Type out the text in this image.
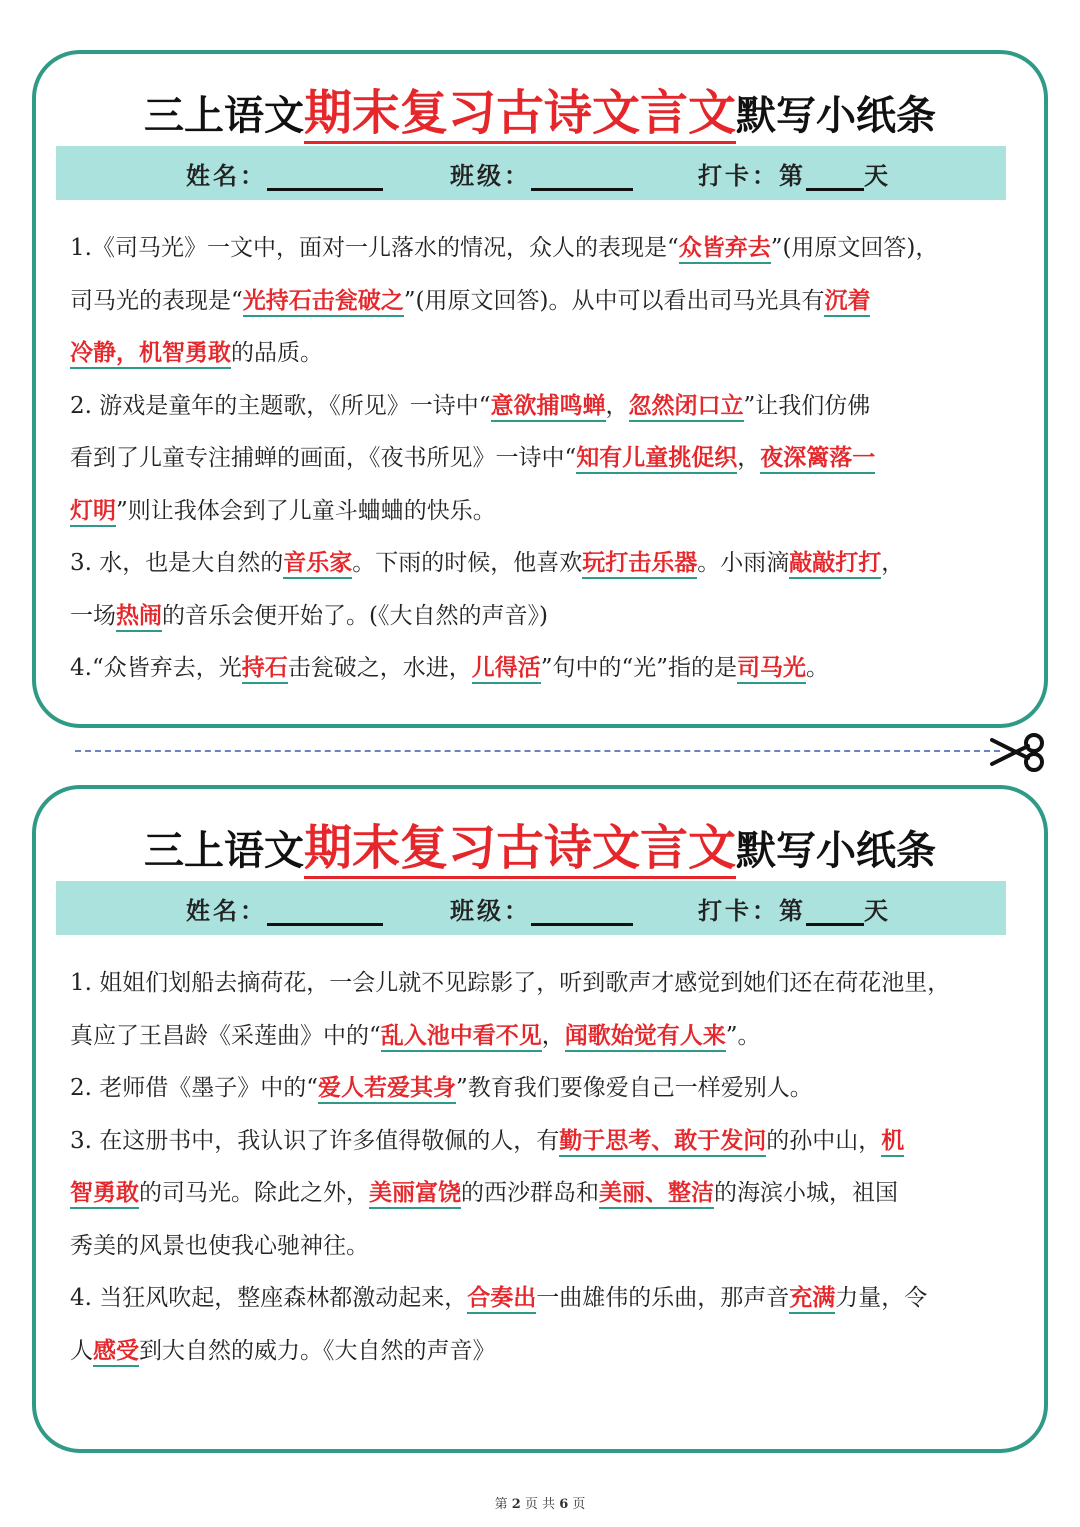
三上语文期末复习古诗文言文默写小纸条
姓名：	班级：	打卡：第 天

1.《司马光》一文中，面对一儿落水的情况，众人的表现是“众皆弃去”(用原文回答)，

司马光的表现是“光持石击瓮破之”(用原文回答)。从中可以看出司马光具有沉着

冷静，机智勇敢的品质。

2. 游戏是童年的主题歌，《所见》一诗中“意欲捕鸣蝉，忽然闭口立”让我们仿佛

看到了儿童专注捕蝉的画面，《夜书所见》一诗中“知有儿童挑促织，夜深篱落一

灯明”则让我体会到了儿童斗蛐蛐的快乐。

3. 水，也是大自然的音乐家。下雨的时候，他喜欢玩打击乐器。小雨滴敲敲打打，

一场热闹的音乐会便开始了。(《大自然的声音》)

4.“众皆弃去，光持石击瓮破之，水进，儿得活”句中的“光”指的是司马光。

三上语文期末复习古诗文言文默写小纸条
姓名：	班级：	打卡：第 天

1. 姐姐们划船去摘荷花，一会儿就不见踪影了，听到歌声才感觉到她们还在荷花池里，

真应了王昌龄《采莲曲》中的“乱入池中看不见，闻歌始觉有人来”。

2. 老师借《墨子》中的“爱人若爱其身”教育我们要像爱自己一样爱别人。

3. 在这册书中，我认识了许多值得敬佩的人，有勤于思考、敢于发问的孙中山，机

智勇敢的司马光。除此之外，美丽富饶的西沙群岛和美丽、整洁的海滨小城，祖国

秀美的风景也使我心驰神往。

4. 当狂风吹起，整座森林都激动起来，合奏出一曲雄伟的乐曲，那声音充满力量，令

人感受到大自然的威力。《大自然的声音》

第 2 页 共 6 页
